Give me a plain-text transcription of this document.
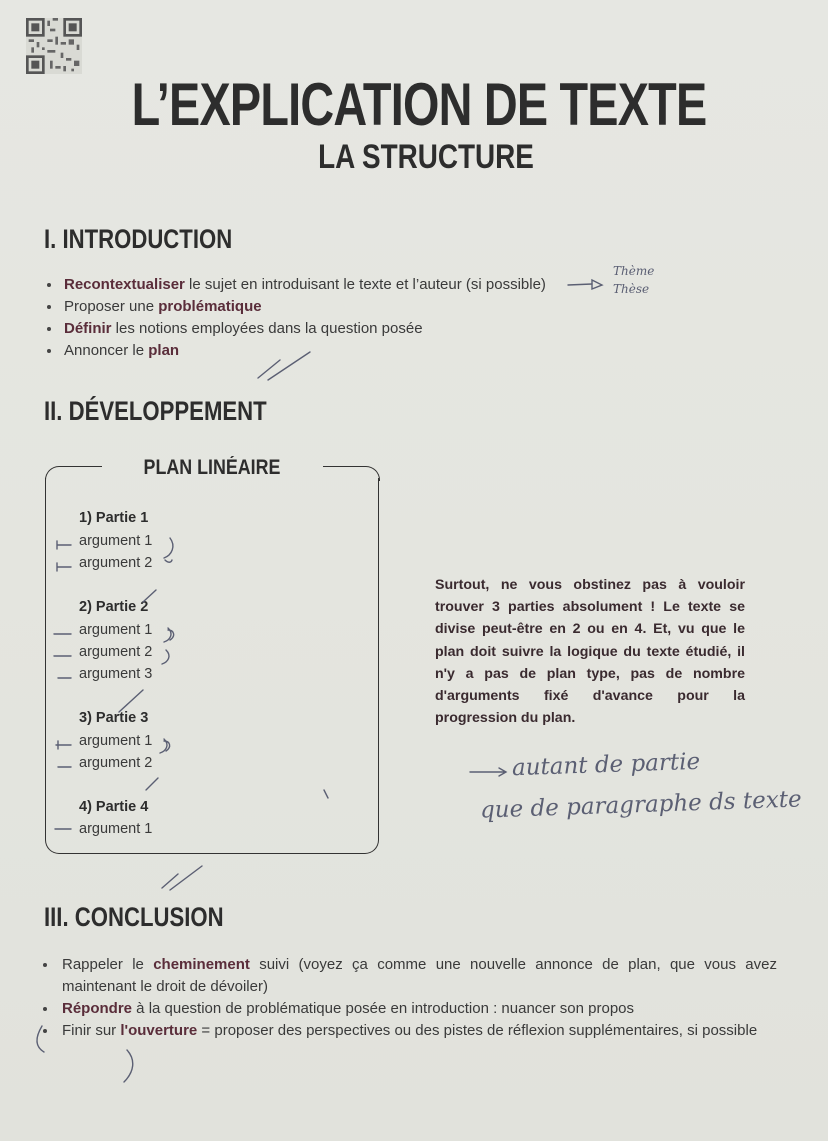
L’EXPLICATION DE TEXTE
LA STRUCTURE
I. INTRODUCTION
Recontextualiser le sujet en introduisant le texte et l’auteur (si possible)
Proposer une problématique
Définir les notions employées dans la question posée
Annoncer le plan
II. DÉVELOPPEMENT
PLAN LINÉAIRE
1) Partie 1
argument 1
argument 2
2) Partie 2
argument 1
argument 2
argument 3
3) Partie 3
argument 1
argument 2
4) Partie 4
argument 1
Surtout, ne vous obstinez pas à vouloir trouver 3 parties absolument ! Le texte se divise peut-être en 2 ou en 4. Et, vu que le plan doit suivre la logique du texte étudié, il n'y a pas de plan type, pas de nombre d'arguments fixé d'avance pour la progression du plan.
III. CONCLUSION
Rappeler le cheminement suivi (voyez ça comme une nouvelle annonce de plan, que vous avez maintenant le droit de dévoiler)
Répondre à la question de problématique posée en introduction : nuancer son propos
Finir sur l'ouverture = proposer des perspectives ou des pistes de réflexion supplémentaires, si possible
Thème
Thèse
autant de partie
que de paragraphe ds texte
